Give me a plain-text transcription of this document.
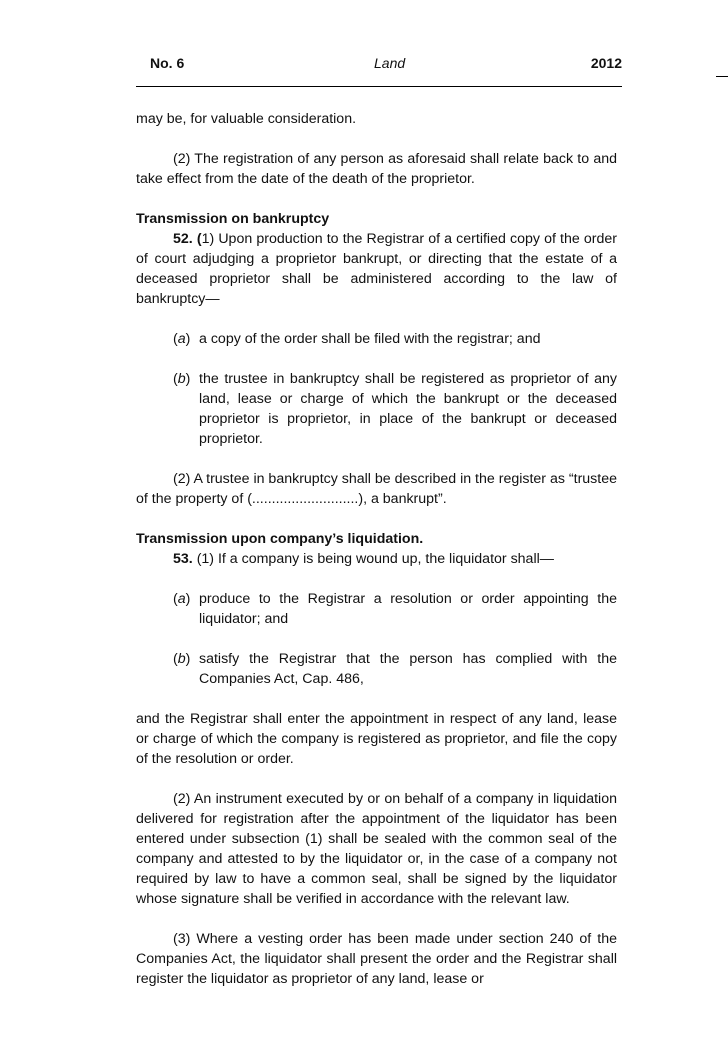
No. 6	Land	2012

may be, for valuable consideration.

(2) The registration of any person as aforesaid shall relate back to and take effect from the date of the death of the proprietor.

Transmission on bankruptcy

52. (1) Upon production to the Registrar of a certified copy of the order of court adjudging a proprietor bankrupt, or directing that the estate of a deceased proprietor shall be administered according to the law of bankruptcy—

(a) a copy of the order shall be filed with the registrar; and

(b) the trustee in bankruptcy shall be registered as proprietor of any land, lease or charge of which the bankrupt or the deceased proprietor is proprietor, in place of the bankrupt or deceased proprietor.

(2) A trustee in bankruptcy shall be described in the register as “trustee of the property of (...........................), a bankrupt”.

Transmission upon company’s liquidation.

53. (1) If a company is being wound up, the liquidator shall—

(a) produce to the Registrar a resolution or order appointing the liquidator; and

(b) satisfy the Registrar that the person has complied with the Companies Act, Cap. 486,

and the Registrar shall enter the appointment in respect of any land, lease or charge of which the company is registered as proprietor, and file the copy of the resolution or order.

(2) An instrument executed by or on behalf of a company in liquidation delivered for registration after the appointment of the liquidator has been entered under subsection (1) shall be sealed with the common seal of the company and attested to by the liquidator or, in the case of a company not required by law to have a common seal, shall be signed by the liquidator whose signature shall be verified in accordance with the relevant law.

(3) Where a vesting order has been made under section 240 of the Companies Act, the liquidator shall present the order and the Registrar shall register the liquidator as proprietor of any land, lease or
